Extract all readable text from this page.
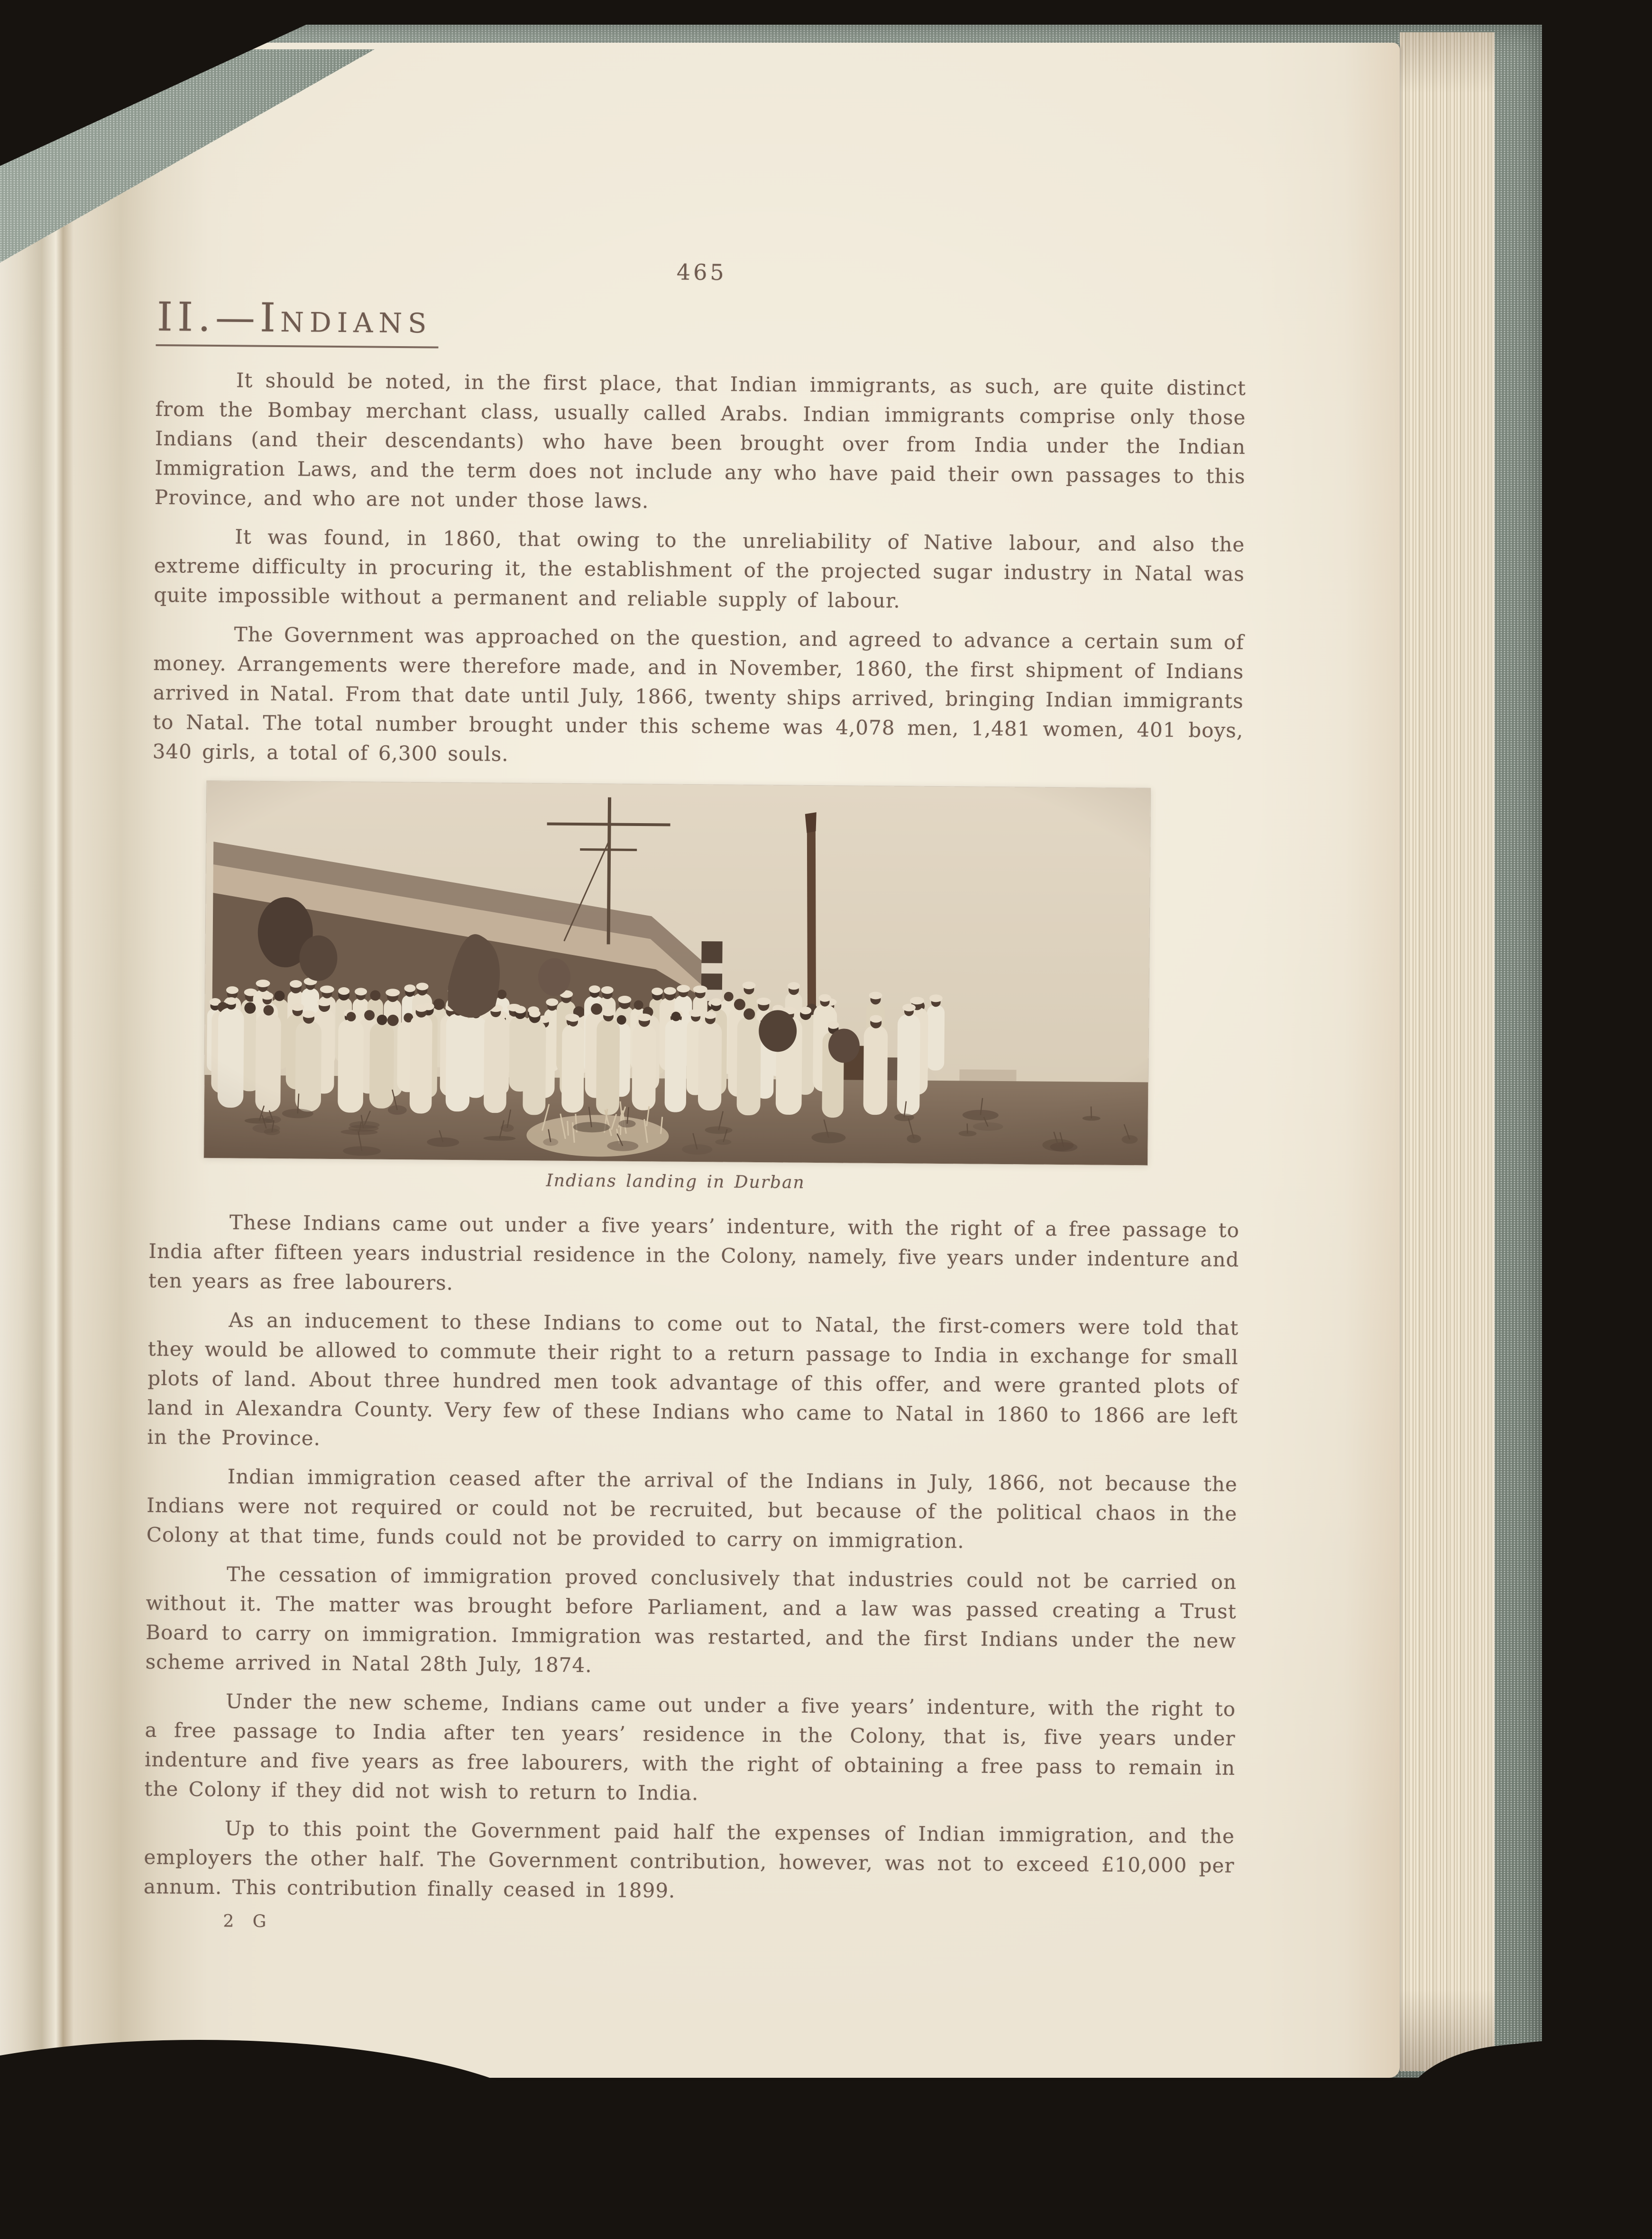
465
II.—INDIANS

It should be noted, in the first place, that Indian immigrants, as such, are quite distinct from the Bombay merchant class, usually called Arabs. Indian immigrants comprise only those Indians (and their descendants) who have been brought over from India under the Indian Immigration Laws, and the term does not include any who have paid their own passages to this Province, and who are not under those laws.

It was found, in 1860, that owing to the unreliability of Native labour, and also the extreme difficulty in procuring it, the establishment of the projected sugar industry in Natal was quite impossible without a permanent and reliable supply of labour.

The Government was approached on the question, and agreed to advance a certain sum of money. Arrangements were therefore made, and in November, 1860, the first shipment of Indians arrived in Natal. From that date until July, 1866, twenty ships arrived, bringing Indian immigrants to Natal. The total number brought under this scheme was 4,078 men, 1,481 women, 401 boys, 340 girls, a total of 6,300 souls.

Indians landing in Durban

These Indians came out under a five years’ indenture, with the right of a free passage to India after fifteen years industrial residence in the Colony, namely, five years under indenture and ten years as free labourers.

As an inducement to these Indians to come out to Natal, the first-comers were told that they would be allowed to commute their right to a return passage to India in exchange for small plots of land. About three hundred men took advantage of this offer, and were granted plots of land in Alexandra County. Very few of these Indians who came to Natal in 1860 to 1866 are left in the Province.

Indian immigration ceased after the arrival of the Indians in July, 1866, not because the Indians were not required or could not be recruited, but because of the political chaos in the Colony at that time, funds could not be provided to carry on immigration.

The cessation of immigration proved conclusively that industries could not be carried on without it. The matter was brought before Parliament, and a law was passed creating a Trust Board to carry on immigration. Immigration was restarted, and the first Indians under the new scheme arrived in Natal 28th July, 1874.

Under the new scheme, Indians came out under a five years’ indenture, with the right to a free passage to India after ten years’ residence in the Colony, that is, five years under indenture and five years as free labourers, with the right of obtaining a free pass to remain in the Colony if they did not wish to return to India.

Up to this point the Government paid half the expenses of Indian immigration, and the employers the other half. The Government contribution, however, was not to exceed £10,000 per annum. This contribution finally ceased in 1899.

2 G
